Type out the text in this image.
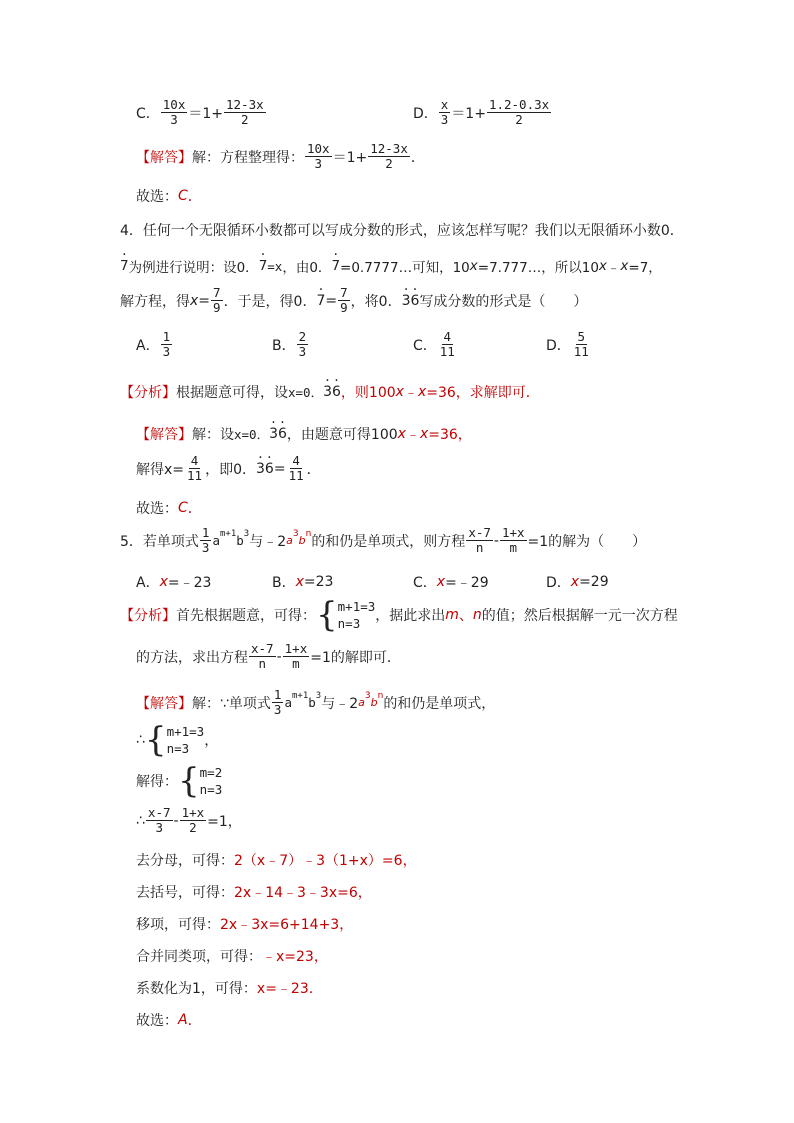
C． $\frac{10x}{3} =1+ \frac{12-3x}{2}$	D． $\frac{x}{3} =1+ \frac{1.2-0.3x}{2}$
【解答】 解：方程整理得： $\frac{10x}{3} =1+ \frac{12-3x}{2}$ ．
故选： C ．
4．任何一个无限循环小数都可以写成分数的形式，应该怎样写呢？我们以无限循环小数0．
· 7 为例进行说明：设0．
· 7 =x ，由0．
· 7 =0.7777…可知，10 x =7.777…，所以10 x ﹣ x =7，
解方程，得 $x = \frac{7}{9}$ ．于是，得0．
· $7 = \frac{7}{9}$ ，将0．
· 3
· 6 写成分数的形式是（　　）
A． $\frac{1}{3}$	B． $\frac{2}{3}$	C． $\frac{4}{11}$	D． $\frac{5}{11}$
【分析】 根据题意可得，设 x=0．
· 3
· 6 ，则100 x ﹣ x =36，求解即可．
【解答】 解：设 x=0．
· 3
· 6 ，由题意可得100 x ﹣ x =36，
解得$x= \frac{4}{11}$ ，即0．
· 3
· $6 = \frac{4}{11}$ ．
故选： C ．
5．若单项式 $\frac{1}{3}$ a m+1 b 3 与﹣2 a
3
b
n 的和仍是单项式，则方程 $\frac{x-7}{n} - \frac{1+x}{m} =1$的解为（　　）
A． x =﹣23	B． x =23	C． x =﹣29	D． x =29
【分析】 首先根据题意，可得： { m+1=3
n=3	，据此求出 m 、 n 的值；然后根据解一元一次方程
的方法，求出方程 $\frac{x-7}{n} - \frac{1+x}{m} =1$的解即可．
【解答】 解：∵单项式 $\frac{1}{3}$ a m+1 b 3 与﹣2 a
3
b
n 的和仍是单项式，
∴ { m+1=3
n=3	，
解得： { m=2
n=3
∴ $\frac{x-7}{3} - \frac{1+x}{2} =1$，
去分母，可得： 2（x﹣7）﹣3（1+x）=6，
去括号，可得： 2x﹣14﹣3﹣3x=6，
移项，可得： 2x﹣3x=6+14+3，
合并同类项，可得： ﹣x=23，
系数化为1，可得： x=﹣23．
故选： A ．
